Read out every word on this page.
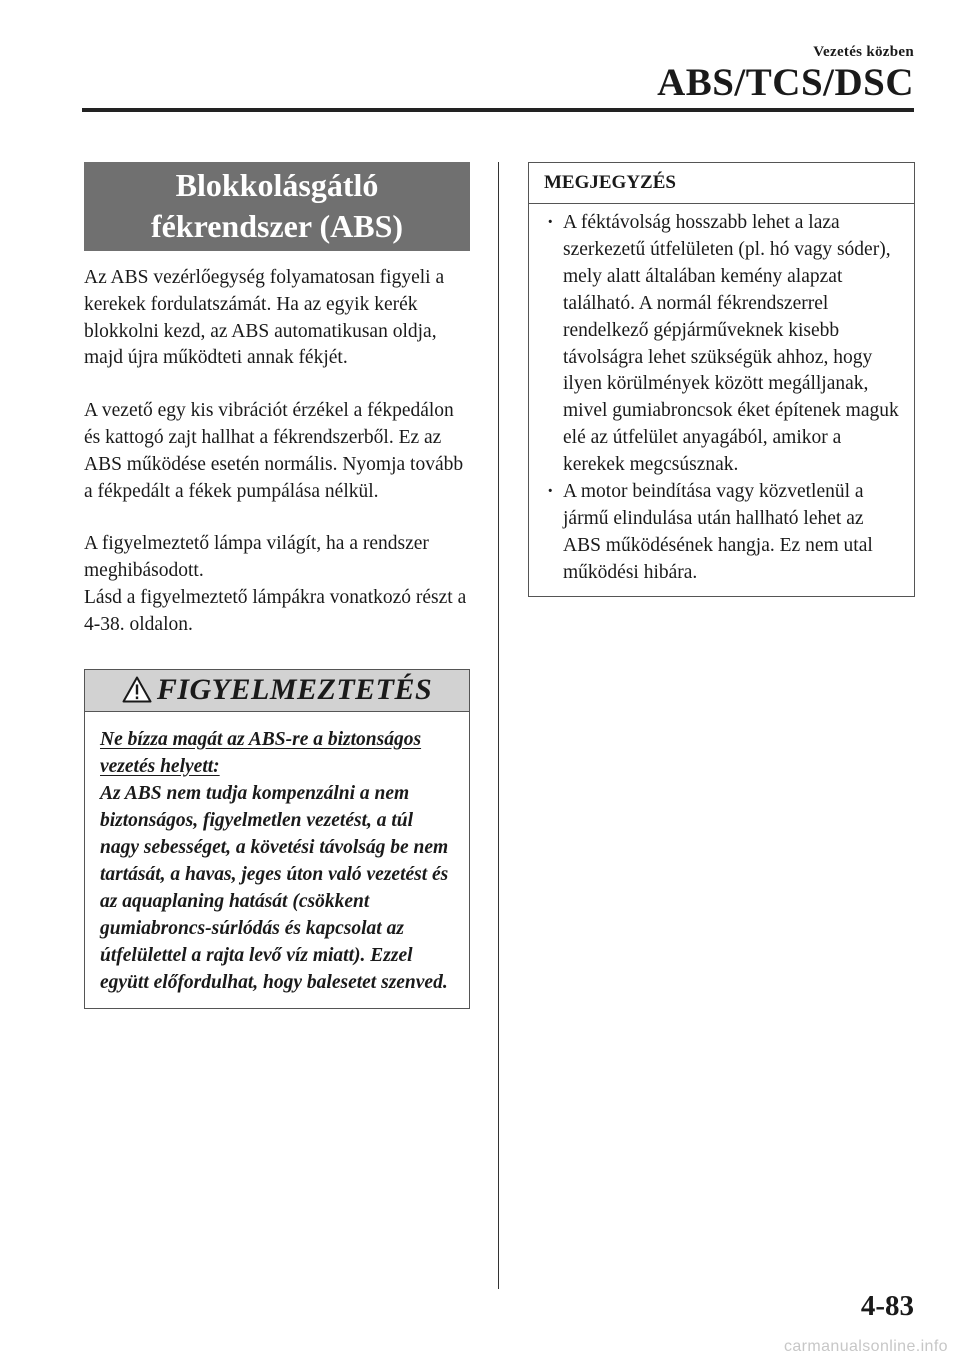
Vezetés közben
ABS/TCS/DSC
Blokkolásgátló
fékrendszer (ABS)

Az ABS vezérlőegység folyamatosan figyeli a kerekek fordulatszámát. Ha az egyik kerék blokkolni kezd, az ABS automatikusan oldja, majd újra működteti annak fékjét.

A vezető egy kis vibrációt érzékel a fékpedálon és kattogó zajt hallhat a fékrendszerből. Ez az ABS működése esetén normális. Nyomja tovább a fékpedált a fékek pumpálása nélkül.

A figyelmeztető lámpa világít, ha a rendszer meghibásodott.
Lásd a figyelmeztető lámpákra vonatkozó részt a 4-38. oldalon.

FIGYELMEZTETÉS
Ne bízza magát az ABS-re a biztonságos vezetés helyett:
Az ABS nem tudja kompenzálni a nem biztonságos, figyelmetlen vezetést, a túl nagy sebességet, a követési távolság be nem tartását, a havas, jeges úton való vezetést és az aquaplaning hatását (csökkent gumiabroncs-súrlódás és kapcsolat az útfelülettel a rajta levő víz miatt). Ezzel együtt előfordulhat, hogy balesetet szenved.
MEGJEGYZÉS
· A féktávolság hosszabb lehet a laza szerkezetű útfelületen (pl. hó vagy sóder), mely alatt általában kemény alapzat található. A normál fékrendszerrel rendelkező gépjárműveknek kisebb távolságra lehet szükségük ahhoz, hogy ilyen körülmények között megálljanak, mivel gumiabroncsok éket építenek maguk elé az útfelület anyagából, amikor a kerekek megcsúsznak.
· A motor beindítása vagy közvetlenül a jármű elindulása után hallható lehet az ABS működésének hangja. Ez nem utal működési hibára.
4-83
carmanualsonline.info
